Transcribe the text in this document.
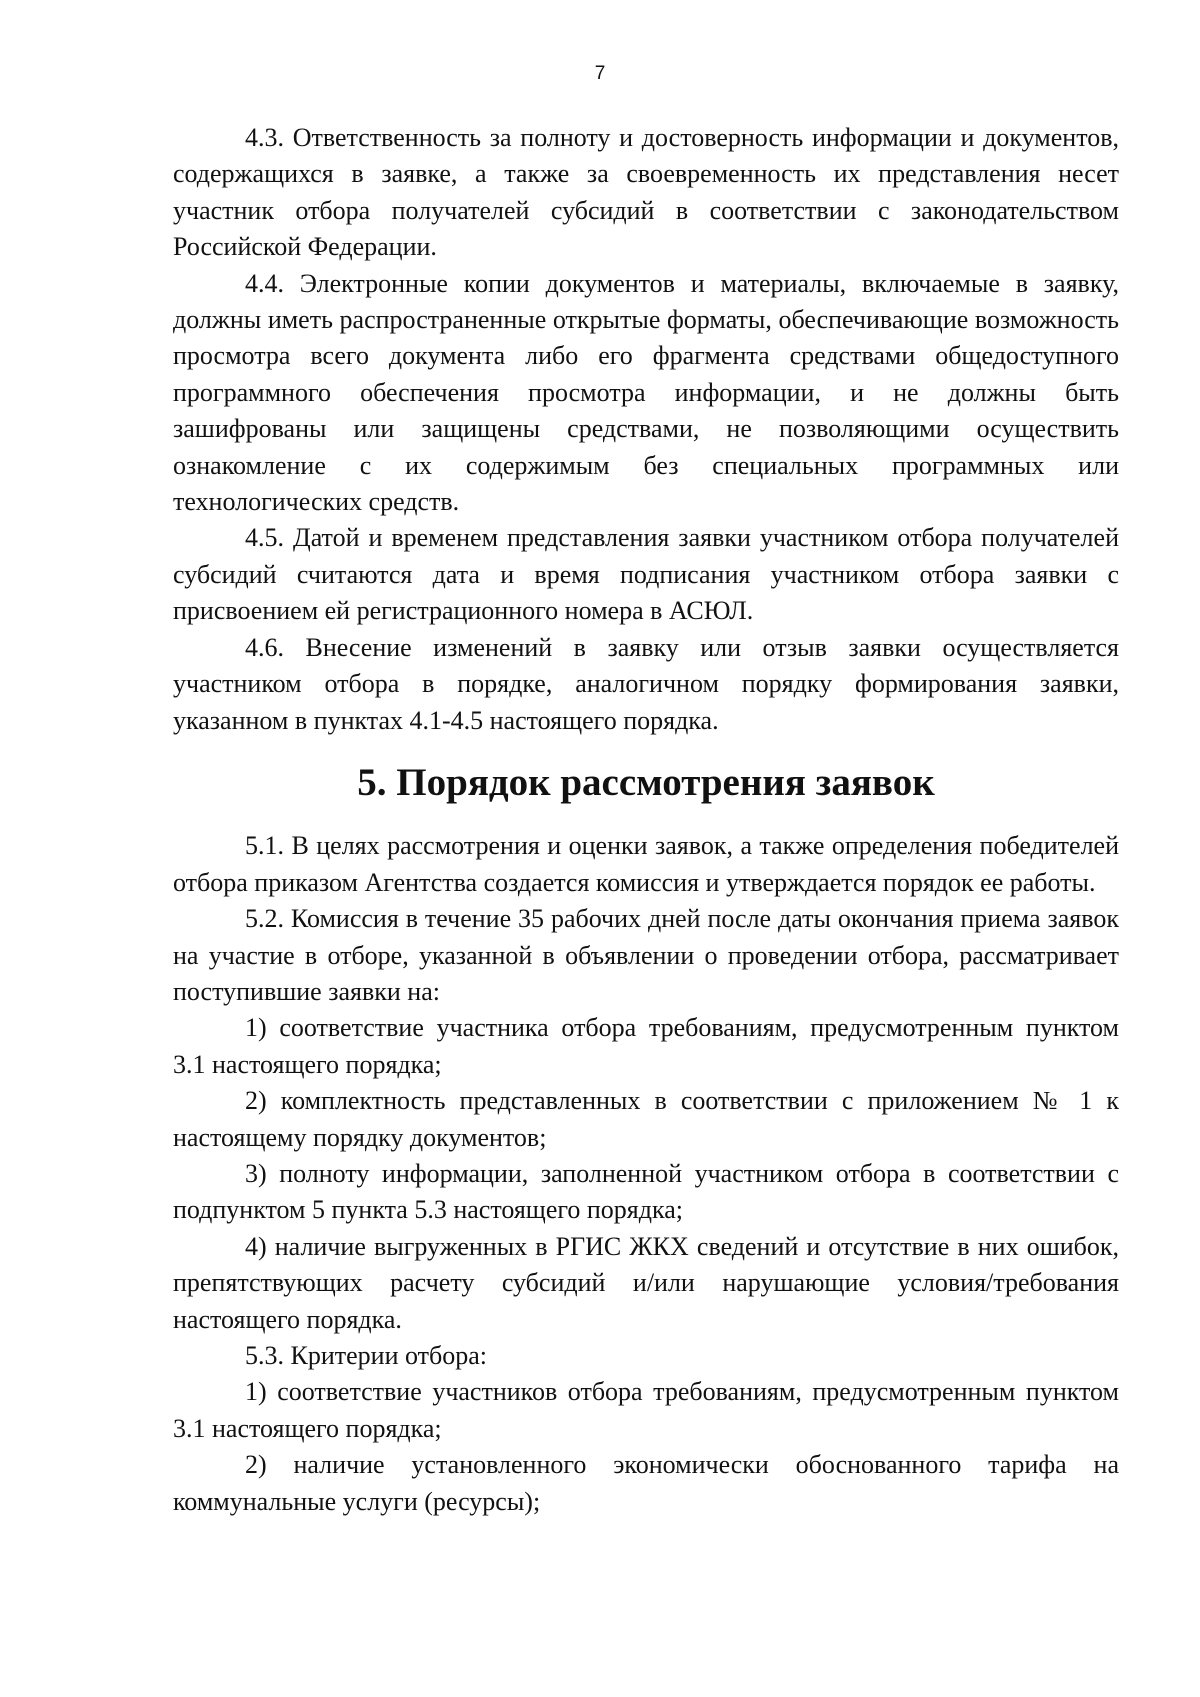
7

4.3. Ответственность за полноту и достоверность информации и документов, содержащихся в заявке, а также за своевременность их представления несет участник отбора получателей субсидий в соответствии с законодательством Российской Федерации.

4.4. Электронные копии документов и материалы, включаемые в заявку, должны иметь распространенные открытые форматы, обеспечивающие возможность просмотра всего документа либо его фрагмента средствами общедоступного программного обеспечения просмотра информации, и не должны быть зашифрованы или защищены средствами, не позволяющими осуществить ознакомление с их содержимым без специальных программных или технологических средств.

4.5. Датой и временем представления заявки участником отбора получателей субсидий считаются дата и время подписания участником отбора заявки с присвоением ей регистрационного номера в АСЮЛ.

4.6. Внесение изменений в заявку или отзыв заявки осуществляется участником отбора в порядке, аналогичном порядку формирования заявки, указанном в пунктах 4.1-4.5 настоящего порядка.

5. Порядок рассмотрения заявок

5.1. В целях рассмотрения и оценки заявок, а также определения победителей отбора приказом Агентства создается комиссия и утверждается порядок ее работы.

5.2. Комиссия в течение 35 рабочих дней после даты окончания приема заявок на участие в отборе, указанной в объявлении о проведении отбора, рассматривает поступившие заявки на:

1) соответствие участника отбора требованиям, предусмотренным пунктом 3.1 настоящего порядка;

2) комплектность представленных в соответствии с приложением № 1 к настоящему порядку документов;

3) полноту информации, заполненной участником отбора в соответствии с подпунктом 5 пункта 5.3 настоящего порядка;

4) наличие выгруженных в РГИС ЖКХ сведений и отсутствие в них ошибок, препятствующих расчету субсидий и/или нарушающие условия/требования настоящего порядка.

5.3. Критерии отбора:

1) соответствие участников отбора требованиям, предусмотренным пунктом 3.1 настоящего порядка;

2) наличие установленного экономически обоснованного тарифа на коммунальные услуги (ресурсы);
